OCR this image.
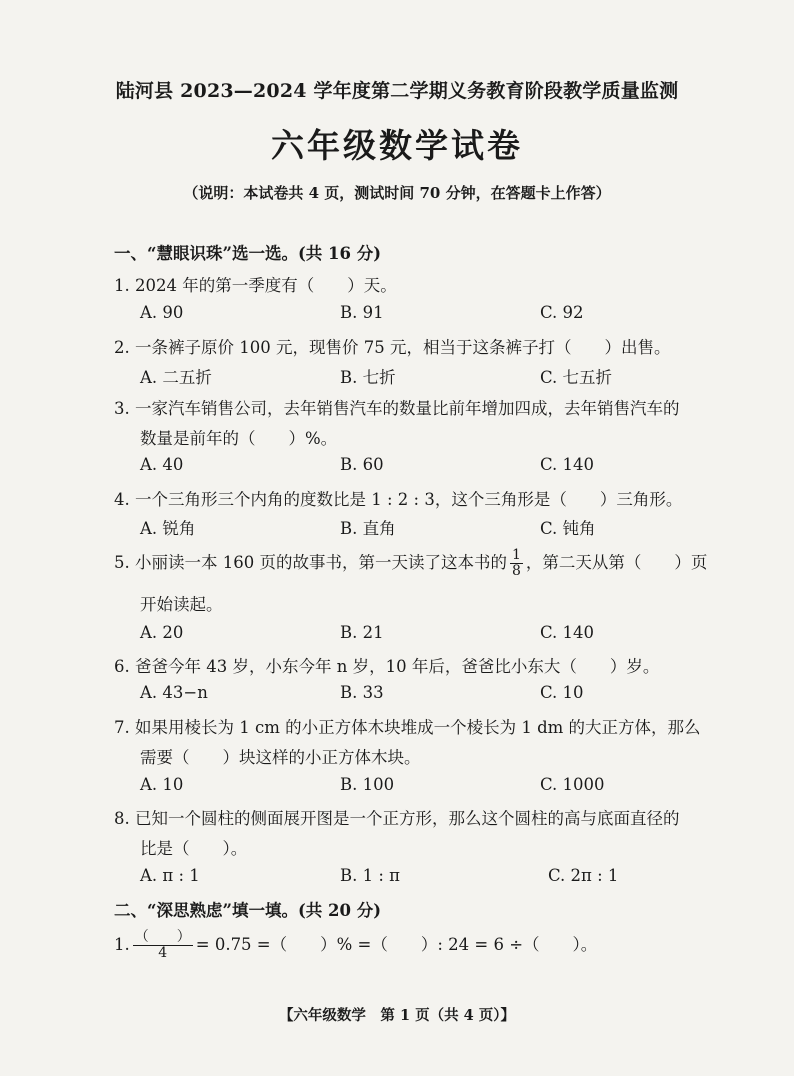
陆河县 2023—2024 学年度第二学期义务教育阶段教学质量监测
六年级数学试卷
（说明：本试卷共 4 页，测试时间 70 分钟，在答题卡上作答）
一、“慧眼识珠”选一选。(共 16 分)
1. 2024 年的第一季度有（　　）天。
A. 90	B. 91	C. 92
2. 一条裤子原价 100 元，现售价 75 元，相当于这条裤子打（　　）出售。
A. 二五折	B. 七折	C. 七五折
3. 一家汽车销售公司，去年销售汽车的数量比前年增加四成，去年销售汽车的
数量是前年的（　　）%。
A. 40	B. 60	C. 140
4. 一个三角形三个内角的度数比是 1 : 2 : 3，这个三角形是（　　）三角形。
A. 锐角	B. 直角	C. 钝角
5. 小丽读一本 160 页的故事书，第一天读了这本书的 $\frac{1}{8}$ ，第二天从第（　　）页
开始读起。
A. 20	B. 21	C. 140
6. 爸爸今年 43 岁，小东今年 n 岁，10 年后，爸爸比小东大（　　）岁。
A. 43−n	B. 33	C. 10
7. 如果用棱长为 1 cm 的小正方体木块堆成一个棱长为 1 dm 的大正方体，那么
需要（　　）块这样的小正方体木块。
A. 10	B. 100	C. 1000
8. 已知一个圆柱的侧面展开图是一个正方形，那么这个圆柱的高与底面直径的
比是（　　）。
A. π : 1	B. 1 : π	C. 2π : 1
二、“深思熟虑”填一填。(共 20 分)
1. $\frac{( )}{4} = 0.75$ =（　　）% =（　　）: 24 = 6 ÷（　　）。
【六年级数学　第 1 页（共 4 页）】
